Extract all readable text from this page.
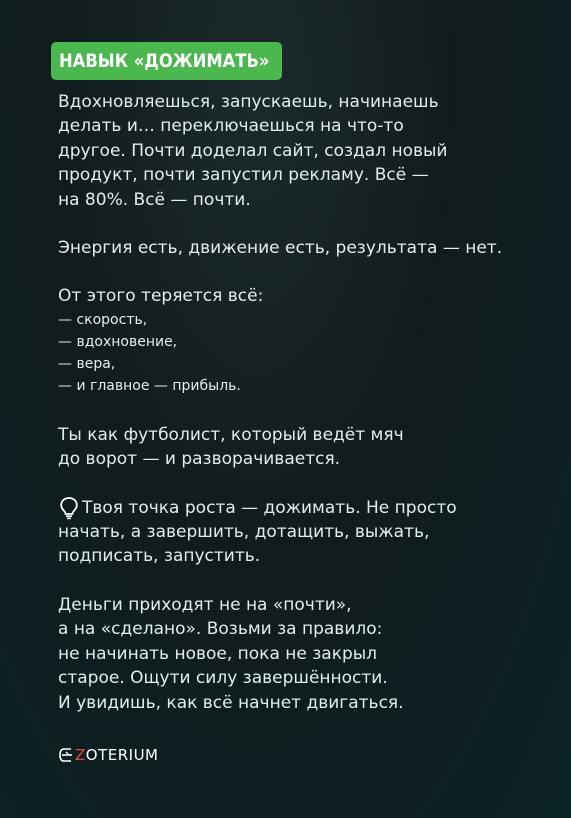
НАВЫК «ДОЖИМАТЬ»

Вдохновляешься, запускаешь, начинаешь
делать и… переключаешься на что-то
другое. Почти доделал сайт, создал новый
продукт, почти запустил рекламу. Всё —
на 80%. Всё — почти.

Энергия есть, движение есть, результата — нет.

От этого теряется всё:

— скорость,
— вдохновение,
— вера,
— и главное — прибыль.

Ты как футболист, который ведёт мяч
до ворот — и разворачивается.

Твоя точка роста — дожимать. Не просто
начать, а завершить, дотащить, выжать,
подписать, запустить.

Деньги приходят не на «почти»,
а на «сделано». Возьми за правило:
не начинать новое, пока не закрыл
старое. Ощути силу завершённости.
И увидишь, как всё начнет двигаться.

ZOTERIUM
